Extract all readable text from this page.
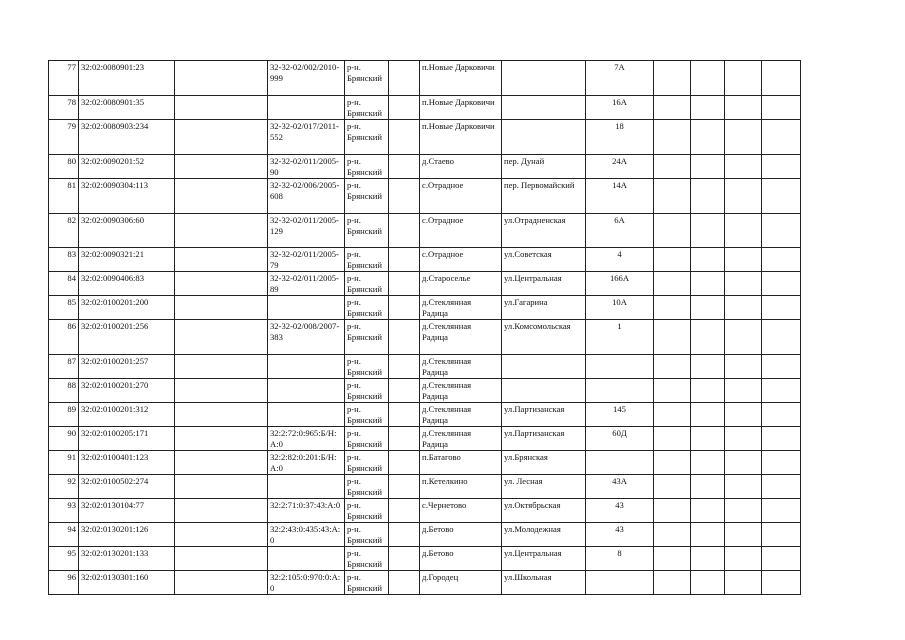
77	32:02:0080901:23		32-32-02/002/2010-999	р-н. Брянский		п.Новые Дарковичи		7А				
78	32:02:0080901:35			р-н. Брянский		п.Новые Дарковичи		16А				
79	32:02:0080903:234		32-32-02/017/2011-552	р-н. Брянский		п.Новые Дарковичи		18				
80	32:02:0090201:52		32-32-02/011/2005-90	р-н. Брянский		д.Стаево	пер. Дунай	24А				
81	32:02:0090304:113		32-32-02/006/2005-608	р-н. Брянский		с.Отрадное	пер. Первомайский	14А				
82	32:02:0090306:60		32-32-02/011/2005-129	р-н. Брянский		с.Отрадное	ул.Отрадненская	6А				
83	32:02:0090321:21		32-32-02/011/2005-79	р-н. Брянский		с.Отрадное	ул.Советская	4				
84	32:02:0090406:83		32-32-02/011/2005-89	р-н. Брянский		д.Староселье	ул.Центральная	166А				
85	32:02:0100201:200			р-н. Брянский		д.Стеклянная Радица	ул.Гагарина	10А				
86	32:02:0100201:256		32-32-02/008/2007-383	р-н. Брянский		д.Стеклянная Радица	ул.Комсомольская	1				
87	32:02:0100201:257			р-н. Брянский		д.Стеклянная Радица						
88	32:02:0100201:270			р-н. Брянский		д.Стеклянная Радица						
89	32:02:0100201:312			р-н. Брянский		д.Стеклянная Радица	ул.Партизанская	145				
90	32:02:0100205:171		32:2:72:0:965:Б/Н:А:0	р-н. Брянский		д.Стеклянная Радица	ул.Партизанская	60Д				
91	32:02:0100401:123		32:2:82:0:201:Б/Н:А:0	р-н. Брянский		п.Батагово	ул.Брянская					
92	32:02:0100502:274			р-н. Брянский		п.Кетелкино	ул. Лесная	43А				
93	32:02:0130104:77		32:2:71:0:37:43:А:0	р-н. Брянский		с.Чернетово	ул.Октябрьская	43				
94	32:02:0130201:126		32:2:43:0:435:43:А:0	р-н. Брянский		д.Бетово	ул.Молодежная	43				
95	32:02:0130201:133			р-н. Брянский		д.Бетово	ул.Центральная	8				
96	32:02:0130301:160		32:2:105:0:970:0:А:0	р-н. Брянский		д.Городец	ул.Школьная					
